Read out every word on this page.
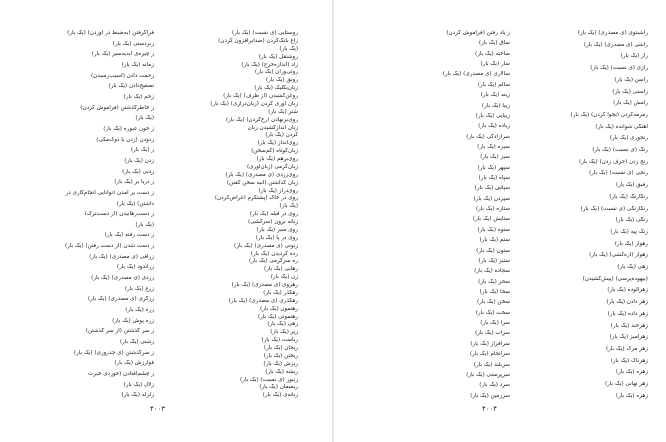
روستایی (ی نسبت) (یک بار)
زاغ بانگ‌کردن (صدابرافزون کردن)
(یک بار)
روشنقل (یک بار)
زاد (اندازه‌خرج) (یک بار)
روئی‌وران (یک بار)
رونق (یک بار)
زبان‌بکلیک (یک بار)
روغن‌کشیدن (از ظرف) (یک بار)
زبان آوری کردن (زبان‌درازی) (یک بار)
شتر (یک بار)
روی‌برنهادن (رخ‌کردن) (یک بار)
زبان اندازکشیدن زبان
کردن (یک بار)
روی‌انداز (یک بار)
زبان‌کوتاه (کم‌سخن)
روی‌برهم (یک بار)
زبان‌گرمی (زبان‌آوری)
روی‌زردی (ی مصدری) (یک بار)
زبان گذاشتن (انبه سخن گفتن)
روی‌دراز (یک بار)
روی در خاک (پشتگرم اعراض‌کردن)
(یک بار)
روی در قبله (یک بار)
زبانه برون (سرکشی)
روی سبز (یک بار)
روی در پا (یک بار)
زبونی (ی مصدری) (یک بار)
رده گردیدن (یک بار)
ره سرگرمی (یک بار)
رهایی (یک بار)
زن (یک بار)
رهروی (ی مصدری) (یک بار)
رهگذر (یک بار)
رهگذری (ی مصدری) (یک بار)
رهنمون (یک بار)
رهنمونی (یک بار)
زهی (یک بار)
زیر (یک بار)
ریاست (یک بار)
ریحان (یک بار)
ریختن (یک بار)
ریزش (یک بار)
ریشه (یک بار)
زنبور (ی نسبت) (یک بار)
ریسمان (یک بار)
زبانه‌ی (یک بار)
فراگرفتن (به‌ضبط در آوردن) (یک بار)
زبردستی (یک بار)
ز چیره‌ی ابدیه‌سیر (یک بار)
زمانه (یک بار)
زحمت دادن (آسیب‌رسیدن)
تصعیح‌دادن (یک بار)
زخم (یک بار)
ز خاطرگذشتن (فراموش کردن)
(یک بار)
ز خون عبوره (یک بار)
زدودن (زدن با دوک‌مکی)
ز (یک بار)
زدن (یک بار)
زدنی (یک بار)
ز دریا بر (یک بار)
ز دست بر آمدن (توانایی انجام‌کاری در
داشتن) (یک بار)
ز دست‌رهانیدن (از دست‌ترک)
(یک بار)
ز دست رفته (یک بار)
ز دست شدن (از دست رفتن) (یک بار)
زرافی (ی مصدری) (یک بار)
زراندود (یک بار)
زردی (ی مصدری) (یک بار)
زرع (یک بار)
زرگری (ی مصدری) (یک بار)
زره (یک بار)
زره پوش (یک بار)
ز سر گذشتن (از سر گذشتن)
زشتی (یک بار)
ز سرگذشتن (ی جدروری) (یک بار)
فوارزش (یک بار)
ز چشم‌افتادن (خوردی خبرت
زلال (یک بار)
زلزله (یک بار)
۴۰۰۳
راشبتوی (ی مصدری) (یک بار)
راشی (ی مصدری) (یک بار)
راز (یک بار)
رازی (ی نسبت) (یک بار)
راسن (یک بار)
راستی (یک بار)
رامش (یک بار)
رمرمه‌کردن (نجوا کردن) (یک بار)
آهنگی شوانده (یک بار)
رنجوری (یک بار)
رنگ (ی نسبت) (یک بار)
رنج زدن (حرف زدن) (یک بار)
رنجی (ی نسبت) (یک بار)
رفیق (یک بار)
رنگارنگ (یک بار)
رنگارنگی (ی نسبت) (یک بار)
رنگی (یک بار)
زنگ پیه (یک بار)
رهوار (یک بار)
زهوار (اره‌کشی) (یک بار)
زهی (یک بار)
(بیهوده‌پرسی) (پیش‌کشیدن)
زهرآلوده (یک بار)
زهر دادن (یک بار)
زهر داده (یک بار)
زهرخند (یک بار)
زهرآمیز (یک بار)
زهر مرگ (یک بار)
زهرناک (یک بار)
زهره (یک بار)
زهر نهانی (یک بار)
زهره (یک بار)
ز یاد رفتن (فراموش کردن)
ساق (یک بار)
ساخته (یک بار)
سار (یک بار)
سالاری (ی مصدری) (یک بار)
سالم (یک بار)
زینه (یک بار)
زیبا (یک بار)
زیبایی (یک بار)
زیاده (یک بار)
سرآزادگی (یک بار)
سبزه (یک بار)
سبز (یک بار)
سپهر (یک بار)
سپاه (یک بار)
سپاس (یک بار)
سپردن (یک بار)
ستاره (یک بار)
ستایش (یک بار)
ستوه (یک بار)
ستم (یک بار)
ستون (یک بار)
ستیز (یک بار)
سجاده (یک بار)
سحر (یک بار)
سخا (یک بار)
سخن (یک بار)
سخت (یک بار)
سرا (یک بار)
سراب (یک بار)
سرافراز (یک بار)
سرانجام (یک بار)
سربلند (یک بار)
سرپرستی (یک بار)
سرد (یک بار)
سرزمین (یک بار)
۴۰۰۴
